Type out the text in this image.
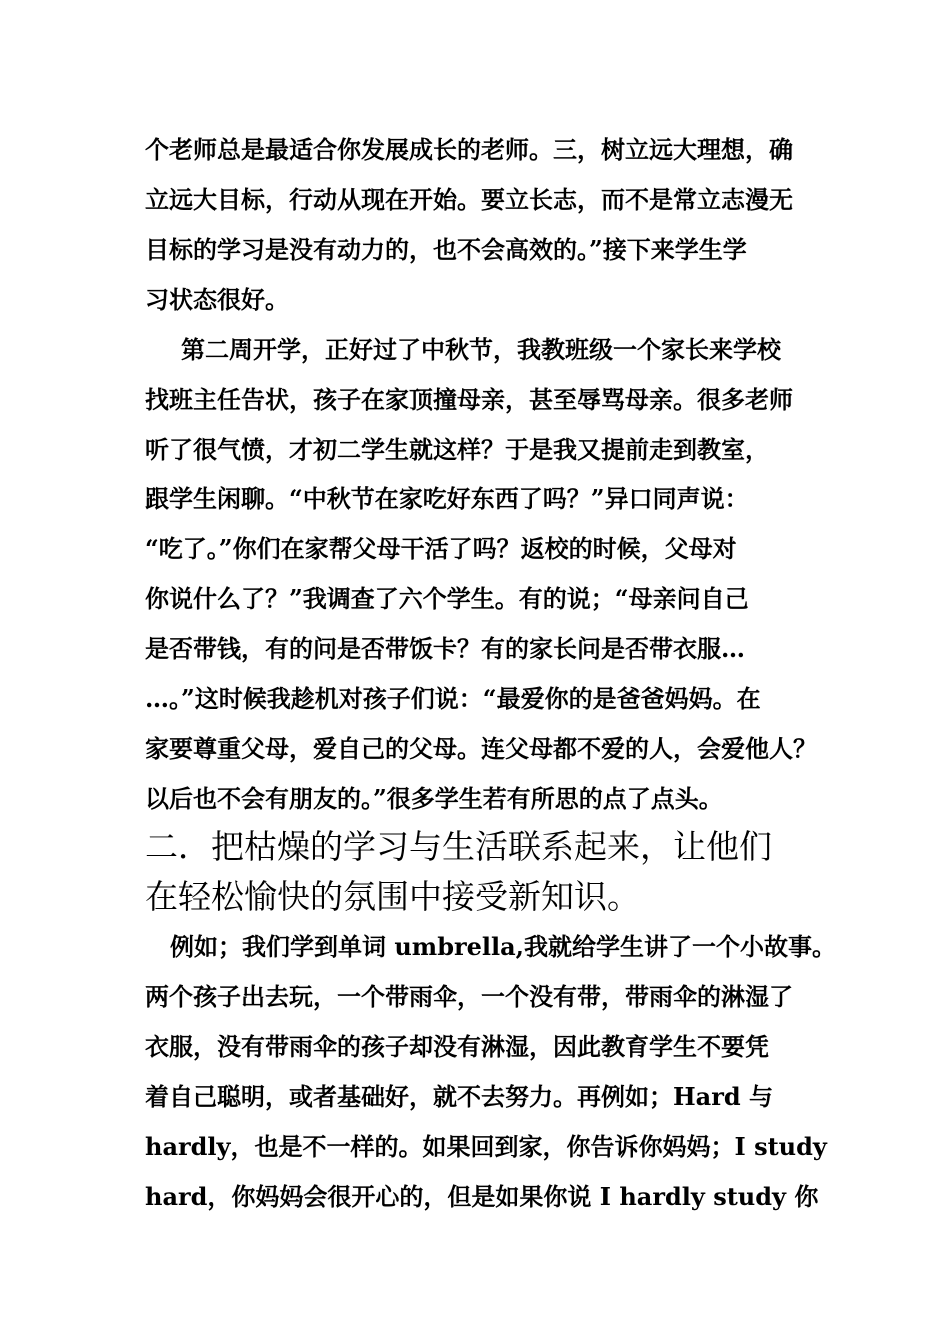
个老师总是最适合你发展成长的老师。三，树立远大理想，确
立远大目标，行动从现在开始。要立长志，而不是常立志漫无
目标的学习是没有动力的，也不会高效的。”接下来学生学
习状态很好。
第二周开学，正好过了中秋节，我教班级一个家长来学校
找班主任告状，孩子在家顶撞母亲，甚至辱骂母亲。很多老师
听了很气愤，才初二学生就这样？于是我又提前走到教室，
跟学生闲聊。“中秋节在家吃好东西了吗？”异口同声说：
“吃了。”你们在家帮父母干活了吗？返校的时候，父母对
你说什么了？”我调查了六个学生。有的说；“母亲问自己
是否带钱，有的问是否带饭卡？有的家长问是否带衣服…
…。”这时候我趁机对孩子们说：“最爱你的是爸爸妈妈。在
家要尊重父母，爱自己的父母。连父母都不爱的人，会爱他人？
以后也不会有朋友的。”很多学生若有所思的点了点头。
二．把枯燥的学习与生活联系起来，让他们
在轻松愉快的氛围中接受新知识。
例如；我们学到单词 umbrella,我就给学生讲了一个小故事。
两个孩子出去玩，一个带雨伞，一个没有带，带雨伞的淋湿了
衣服，没有带雨伞的孩子却没有淋湿，因此教育学生不要凭
着自己聪明，或者基础好，就不去努力。再例如；Hard 与
hardly，也是不一样的。如果回到家，你告诉你妈妈；I study
hard，你妈妈会很开心的，但是如果你说 I hardly study 你
